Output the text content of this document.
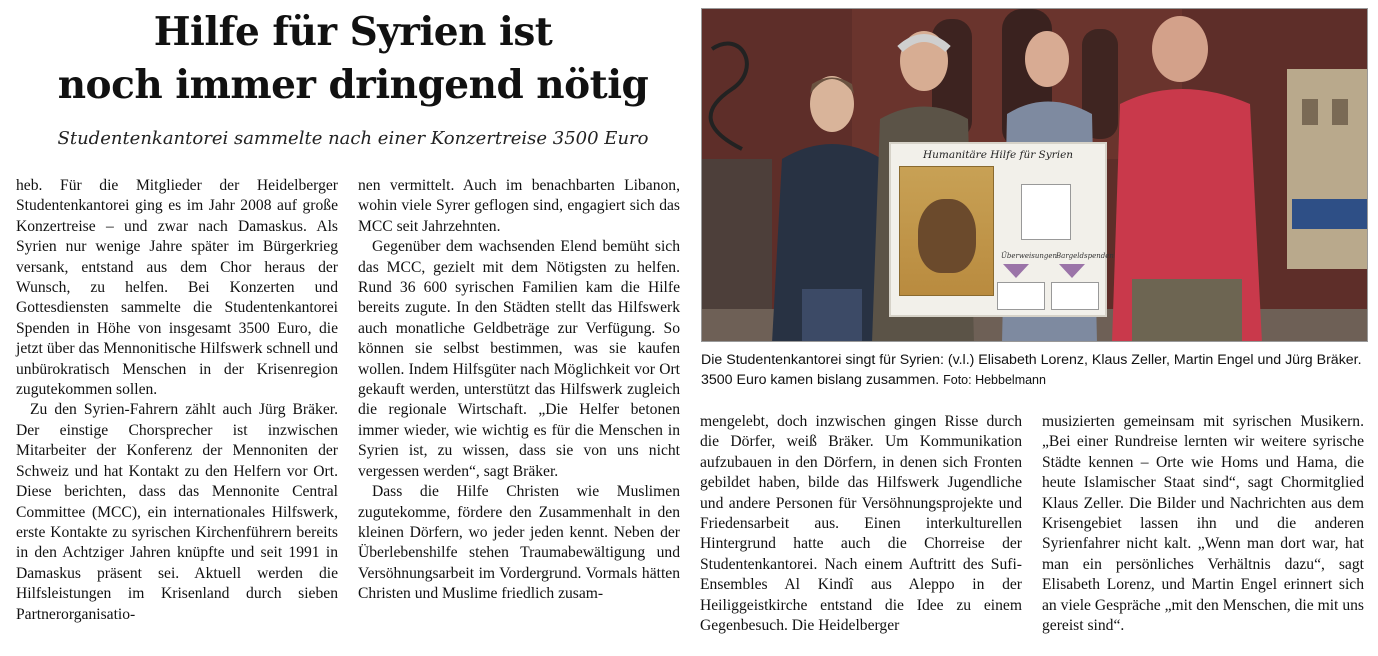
Hilfe für Syrien ist
noch immer dringend nötig
Studentenkantorei sammelte nach einer Konzertreise 3500 Euro
Humanitäre Hilfe für Syrien
Überweisungen Bargeldspenden
Die Studentenkantorei singt für Syrien: (v.l.) Elisabeth Lorenz, Klaus Zeller, Martin Engel und Jürg Bräker. 3500 Euro kamen bislang zusammen. Foto: Hebbelmann

heb. Für die Mitglieder der Heidelberger Studentenkantorei ging es im Jahr 2008 auf große Konzertreise – und zwar nach Damaskus. Als Syrien nur wenige Jahre später im Bürgerkrieg versank, entstand aus dem Chor heraus der Wunsch, zu helfen. Bei Konzerten und Gottesdiensten sammelte die Studentenkantorei Spenden in Höhe von insgesamt 3500 Euro, die jetzt über das Mennonitische Hilfswerk schnell und unbürokratisch Menschen in der Krisenregion zugutekommen sollen.

Zu den Syrien-Fahrern zählt auch Jürg Bräker. Der einstige Chorsprecher ist inzwischen Mitarbeiter der Konferenz der Mennoniten der Schweiz und hat Kontakt zu den Helfern vor Ort. Diese berichten, dass das Mennonite Central Committee (MCC), ein internationales Hilfswerk, erste Kontakte zu syrischen Kirchenführern bereits in den Achtziger Jahren knüpfte und seit 1991 in Damaskus präsent sei. Aktuell werden die Hilfsleistungen im Krisenland durch sieben Partnerorganisatio-

nen vermittelt. Auch im benachbarten Libanon, wohin viele Syrer geflogen sind, engagiert sich das MCC seit Jahrzehnten.

Gegenüber dem wachsenden Elend bemüht sich das MCC, gezielt mit dem Nötigsten zu helfen. Rund 36 600 syrischen Familien kam die Hilfe bereits zugute. In den Städten stellt das Hilfswerk auch monatliche Geldbeträge zur Verfügung. So können sie selbst bestimmen, was sie kaufen wollen. Indem Hilfsgüter nach Möglichkeit vor Ort gekauft werden, unterstützt das Hilfswerk zugleich die regionale Wirtschaft. „Die Helfer betonen immer wieder, wie wichtig es für die Menschen in Syrien ist, zu wissen, dass sie von uns nicht vergessen werden“, sagt Bräker.

Dass die Hilfe Christen wie Muslimen zugutekomme, fördere den Zusammenhalt in den kleinen Dörfern, wo jeder jeden kennt. Neben der Überlebenshilfe stehen Traumabewältigung und Versöhnungsarbeit im Vordergrund. Vormals hätten Christen und Muslime friedlich zusam-

mengelebt, doch inzwischen gingen Risse durch die Dörfer, weiß Bräker. Um Kommunikation aufzubauen in den Dörfern, in denen sich Fronten gebildet haben, bilde das Hilfswerk Jugendliche und andere Personen für Versöhnungsprojekte und Friedensarbeit aus. Einen interkulturellen Hintergrund hatte auch die Chorreise der Studentenkantorei. Nach einem Auftritt des Sufi-Ensembles Al Kindî aus Aleppo in der Heiliggeistkirche entstand die Idee zu einem Gegenbesuch. Die Heidelberger

musizierten gemeinsam mit syrischen Musikern. „Bei einer Rundreise lernten wir weitere syrische Städte kennen – Orte wie Homs und Hama, die heute Islamischer Staat sind“, sagt Chormitglied Klaus Zeller. Die Bilder und Nachrichten aus dem Krisengebiet lassen ihn und die anderen Syrienfahrer nicht kalt. „Wenn man dort war, hat man ein persönliches Verhältnis dazu“, sagt Elisabeth Lorenz, und Martin Engel erinnert sich an viele Gespräche „mit den Menschen, die mit uns gereist sind“.
